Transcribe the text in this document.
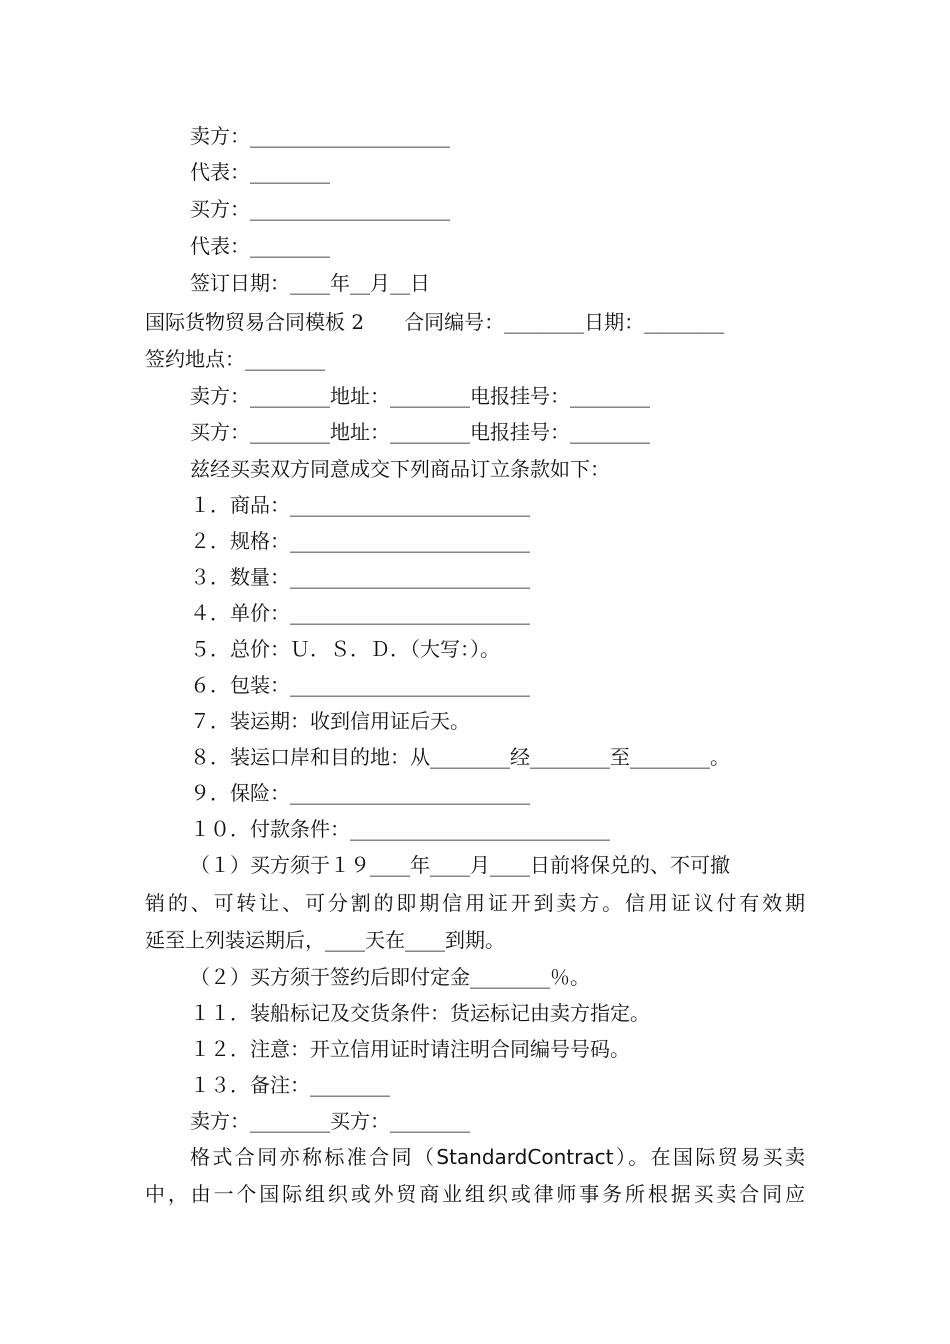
卖方：____________________
代表：________
买方：____________________
代表：________
签订日期：____年__月__日
国际货物贸易合同模板 2　　合同编号：________日期：________
签约地点：________
卖方：________地址：________电报挂号：________
买方：________地址：________电报挂号：________
兹经买卖双方同意成交下列商品订立条款如下：
１．商品：________________________
２．规格：________________________
３．数量：________________________
４．单价：________________________
５．总价：Ｕ．Ｓ．Ｄ．（大写：）。
６．包装：________________________
７．装运期：收到信用证后天。
８．装运口岸和目的地：从________经________至________。
９．保险：________________________
１０．付款条件：__________________________
（１）买方须于１９____年____月____日前将保兑的、不可撤
销的、可转让、可分割的即期信用证开到卖方。信用证议付有效期
延至上列装运期后，____天在____到期。
（２）买方须于签约后即付定金________％。
１１．装船标记及交货条件：货运标记由卖方指定。
１２．注意：开立信用证时请注明合同编号号码。
１３．备注：________
卖方：________买方：________
格式合同亦称标准合同（StandardContract）。在国际贸易买卖
中，由一个国际组织或外贸商业组织或律师事务所根据买卖合同应
